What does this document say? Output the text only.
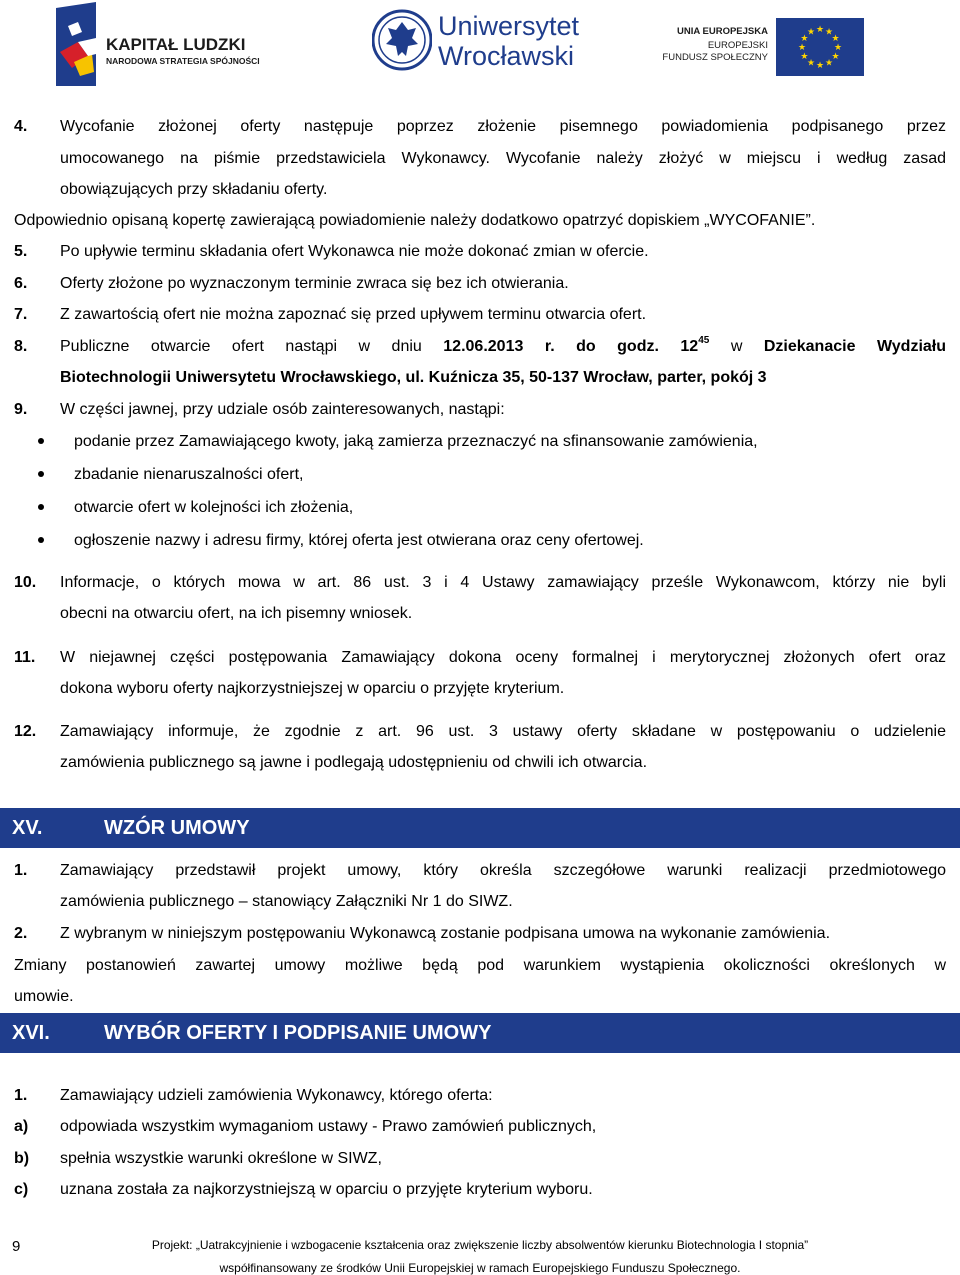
KAPITAŁ LUDZKI
NARODOWA STRATEGIA SPÓJNOŚCI
Uniwersytet
Wrocławski
UNIA EUROPEJSKA
EUROPEJSKI
FUNDUSZ SPOŁECZNY
★
★
★
★
★
★
★
★
★ ★ ★
★
4. Wycofanie złożonej oferty następuje poprzez złożenie pisemnego powiadomienia podpisanego przez
umocowanego na piśmie przedstawiciela Wykonawcy. Wycofanie należy złożyć w miejscu i według zasad
obowiązujących przy składaniu oferty.
Odpowiednio opisaną kopertę zawierającą powiadomienie należy dodatkowo opatrzyć dopiskiem „WYCOFANIE”.
5. Po upływie terminu składania ofert Wykonawca nie może dokonać zmian w ofercie.
6. Oferty złożone po wyznaczonym terminie zwraca się bez ich otwierania.
7. Z zawartością ofert nie można zapoznać się przed upływem terminu otwarcia ofert.
8. Publiczne otwarcie ofert nastąpi w dniu 12.06.2013 r. do godz. $12^{45}$ w Dziekanacie Wydziału
Biotechnologii Uniwersytetu Wrocławskiego, ul. Kuźnicza 35, 50-137 Wrocław, parter, pokój 3
9. W części jawnej, przy udziale osób zainteresowanych, nastąpi:
podanie przez Zamawiającego kwoty, jaką zamierza przeznaczyć na sfinansowanie zamówienia,
zbadanie nienaruszalności ofert,
otwarcie ofert w kolejności ich złożenia,
ogłoszenie nazwy i adresu firmy, której oferta jest otwierana oraz ceny ofertowej.
10. Informacje, o których mowa w art. 86 ust. 3 i 4 Ustawy zamawiający prześle Wykonawcom, którzy nie byli
obecni na otwarciu ofert, na ich pisemny wniosek.
11. W niejawnej części postępowania Zamawiający dokona oceny formalnej i merytorycznej złożonych ofert oraz
dokona wyboru oferty najkorzystniejszej w oparciu o przyjęte kryterium.
12. Zamawiający informuje, że zgodnie z art. 96 ust. 3 ustawy oferty składane w postępowaniu o udzielenie
zamówienia publicznego są jawne i podlegają udostępnieniu od chwili ich otwarcia.
XV.	WZÓR UMOWY
1. Zamawiający przedstawił projekt umowy, który określa szczegółowe warunki realizacji przedmiotowego
zamówienia publicznego – stanowiący Załączniki Nr 1 do SIWZ.
2. Z wybranym w niniejszym postępowaniu Wykonawcą zostanie podpisana umowa na wykonanie zamówienia.
Zmiany postanowień zawartej umowy możliwe będą pod warunkiem wystąpienia okoliczności określonych w
umowie.
XVI.	WYBÓR OFERTY I PODPISANIE UMOWY
1. Zamawiający udzieli zamówienia Wykonawcy, którego oferta:
a) odpowiada wszystkim wymaganiom ustawy - Prawo zamówień publicznych,
b) spełnia wszystkie warunki określone w SIWZ,
c) uznana została za najkorzystniejszą w oparciu o przyjęte kryterium wyboru.
9	Projekt: „Uatrakcyjnienie i wzbogacenie kształcenia oraz zwiększenie liczby absolwentów kierunku Biotechnologia I stopnia”
współfinansowany ze środków Unii Europejskiej w ramach Europejskiego Funduszu Społecznego.
